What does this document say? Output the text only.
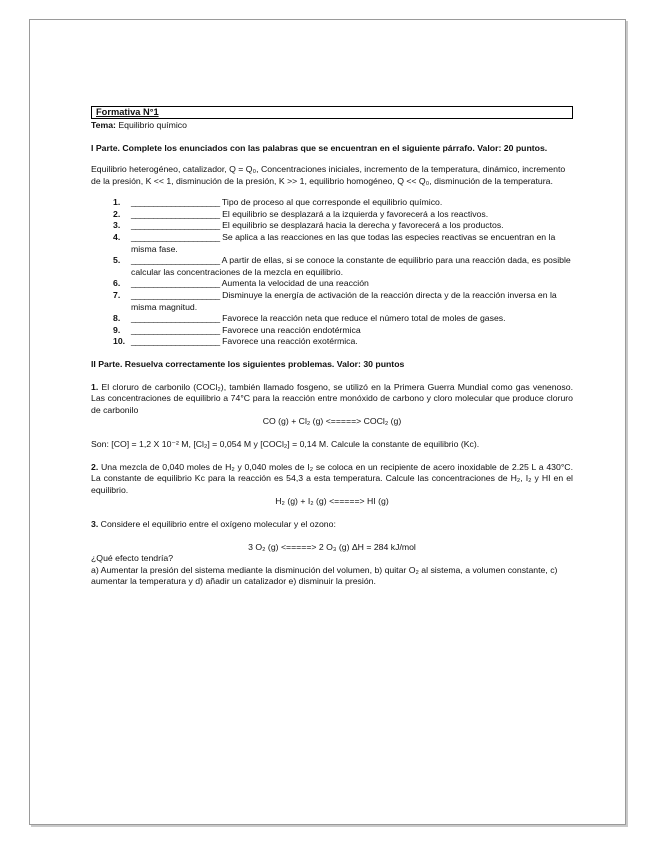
Formativa N°1
Tema: Equilibrio químico
I Parte. Complete los enunciados con las palabras que se encuentran en el siguiente párrafo. Valor: 20 puntos.
Equilibrio heterogéneo, catalizador, Q = Q₀, Concentraciones iniciales, incremento de la temperatura, dinámico, incremento de la presión, K << 1, disminución de la presión, K >> 1, equilibrio homogéneo, Q << Q₀, disminución de la temperatura.
1. ____________________ Tipo de proceso al que corresponde el equilibrio químico.
2. ____________________ El equilibrio se desplazará a la izquierda y favorecerá a los reactivos.
3. ____________________ El equilibrio se desplazará hacia la derecha y favorecerá a los productos.
4. ____________________ Se aplica a las reacciones en las que todas las especies reactivas se encuentran en la misma fase.
5. ____________________ A partir de ellas, si se conoce la constante de equilibrio para una reacción dada, es posible calcular las concentraciones de la mezcla en equilibrio.
6. ____________________ Aumenta la velocidad de una reacción
7. ____________________ Disminuye la energía de activación de la reacción directa y de la reacción inversa en la misma magnitud.
8. ____________________ Favorece la reacción neta que reduce el número total de moles de gases.
9. ____________________ Favorece una reacción endotérmica
10. ____________________ Favorece una reacción exotérmica.
II Parte. Resuelva correctamente los siguientes problemas. Valor: 30 puntos
1. El cloruro de carbonilo (COCl₂), también llamado fosgeno, se utilizó en la Primera Guerra Mundial como gas venenoso. Las concentraciones de equilibrio a 74°C para la reacción entre monóxido de carbono y cloro molecular que produce cloruro de carbonilo
CO (g) + Cl₂ (g) <=====> COCl₂ (g)
Son: [CO] = 1,2 X 10⁻² M, [Cl₂] = 0,054 M y [COCl₂] = 0,14 M. Calcule la constante de equilibrio (Kc).
2. Una mezcla de 0,040 moles de H₂ y 0,040 moles de I₂ se coloca en un recipiente de acero inoxidable de 2.25 L a 430°C. La constante de equilibrio Kc para la reacción es 54,3 a esta temperatura. Calcule las concentraciones de H₂, I₂ y HI en el equilibrio.
H₂ (g) + I₂ (g) <=====> HI (g)
3. Considere el equilibrio entre el oxígeno molecular y el ozono:
3 O₂ (g) <=====> 2 O₃ (g) ΔH = 284 kJ/mol
¿Qué efecto tendría?
a) Aumentar la presión del sistema mediante la disminución del volumen, b) quitar O₂ al sistema, a volumen constante, c) aumentar la temperatura y d) añadir un catalizador e) disminuir la presión.
